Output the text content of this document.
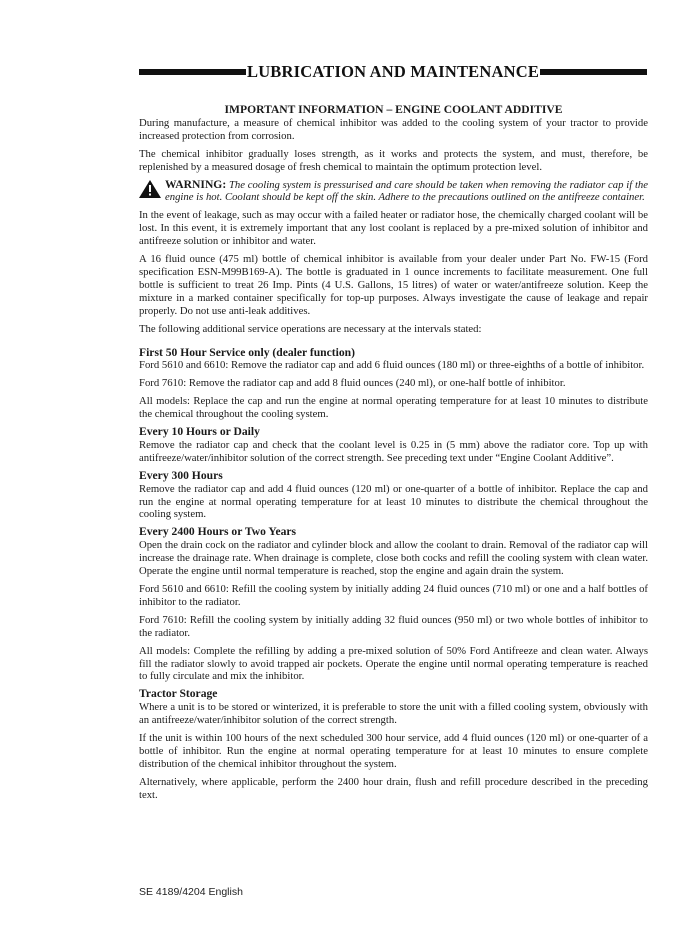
LUBRICATION AND MAINTENANCE
IMPORTANT INFORMATION – ENGINE COOLANT ADDITIVE

During manufacture, a measure of chemical inhibitor was added to the cooling system of your tractor to provide increased protection from corrosion.

The chemical inhibitor gradually loses strength, as it works and protects the system, and must, therefore, be replenished by a measured dosage of fresh chemical to maintain the optimum protection level.

WARNING: The cooling system is pressurised and care should be taken when removing the radiator cap if the engine is hot. Coolant should be kept off the skin. Adhere to the precautions outlined on the antifreeze container.

In the event of leakage, such as may occur with a failed heater or radiator hose, the chemically charged coolant will be lost. In this event, it is extremely important that any lost coolant is replaced by a pre-mixed solution of inhibitor and antifreeze solution or inhibitor and water.

A 16 fluid ounce (475 ml) bottle of chemical inhibitor is available from your dealer under Part No. FW-15 (Ford specification ESN-M99B169-A). The bottle is graduated in 1 ounce increments to facilitate measurement. One full bottle is sufficient to treat 26 Imp. Pints (4 U.S. Gallons, 15 litres) of water or water/antifreeze solution. Keep the mixture in a marked container specifically for top-up purposes. Always investigate the cause of leakage and repair properly. Do not use anti-leak additives.

The following additional service operations are necessary at the intervals stated:

First 50 Hour Service only (dealer function)

Ford 5610 and 6610: Remove the radiator cap and add 6 fluid ounces (180 ml) or three-eighths of a bottle of inhibitor.

Ford 7610: Remove the radiator cap and add 8 fluid ounces (240 ml), or one-half bottle of inhibitor.

All models: Replace the cap and run the engine at normal operating temperature for at least 10 minutes to distribute the chemical throughout the cooling system.

Every 10 Hours or Daily

Remove the radiator cap and check that the coolant level is 0.25 in (5 mm) above the radiator core. Top up with antifreeze/water/inhibitor solution of the correct strength. See preceding text under “Engine Coolant Additive”.

Every 300 Hours

Remove the radiator cap and add 4 fluid ounces (120 ml) or one-quarter of a bottle of inhibitor. Replace the cap and run the engine at normal operating temperature for at least 10 minutes to distribute the chemical throughout the cooling system.

Every 2400 Hours or Two Years

Open the drain cock on the radiator and cylinder block and allow the coolant to drain. Removal of the radiator cap will increase the drainage rate. When drainage is complete, close both cocks and refill the cooling system with clean water. Operate the engine until normal temperature is reached, stop the engine and again drain the system.

Ford 5610 and 6610: Refill the cooling system by initially adding 24 fluid ounces (710 ml) or one and a half bottles of inhibitor to the radiator.

Ford 7610: Refill the cooling system by initially adding 32 fluid ounces (950 ml) or two whole bottles of inhibitor to the radiator.

All models: Complete the refilling by adding a pre-mixed solution of 50% Ford Antifreeze and clean water. Always fill the radiator slowly to avoid trapped air pockets. Operate the engine until normal operating temperature is reached to fully circulate and mix the inhibitor.

Tractor Storage

Where a unit is to be stored or winterized, it is preferable to store the unit with a filled cooling system, obviously with an antifreeze/water/inhibitor solution of the correct strength.

If the unit is within 100 hours of the next scheduled 300 hour service, add 4 fluid ounces (120 ml) or one-quarter of a bottle of inhibitor. Run the engine at normal operating temperature for at least 10 minutes to ensure complete distribution of the chemical inhibitor throughout the system.

Alternatively, where applicable, perform the 2400 hour drain, flush and refill procedure described in the preceding text.

SE 4189/4204 English
